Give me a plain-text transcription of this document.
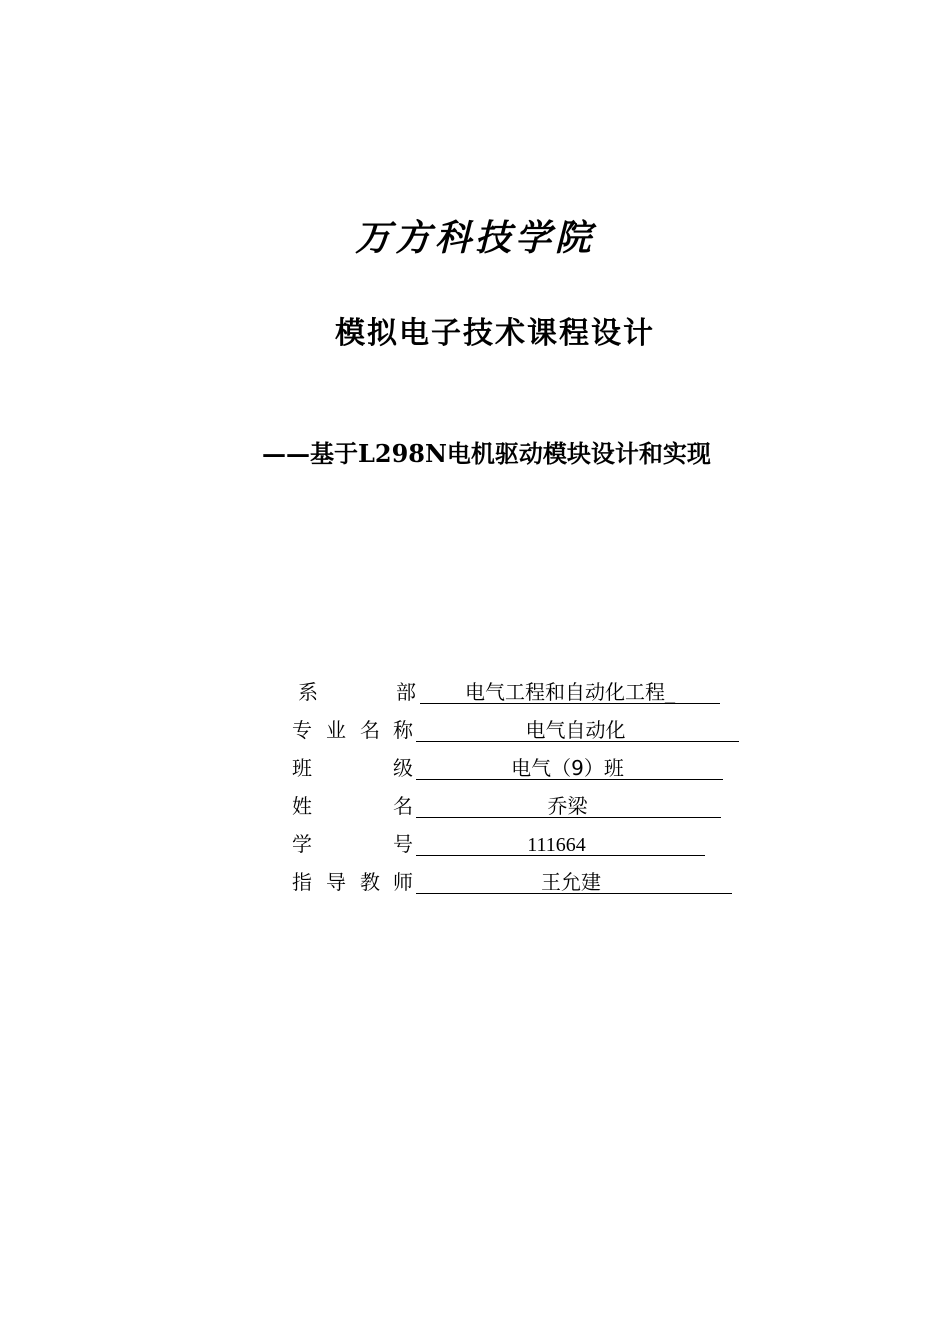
万方科技学院
模拟电子技术课程设计
——基于L298N电机驱动模块设计和实现
系	部	电气工程和自动化工程_
专 业 名 称	电气自动化
班	级	电气（9）班
姓	名	乔梁
学	号	111664
指 导 教 师	王允建
